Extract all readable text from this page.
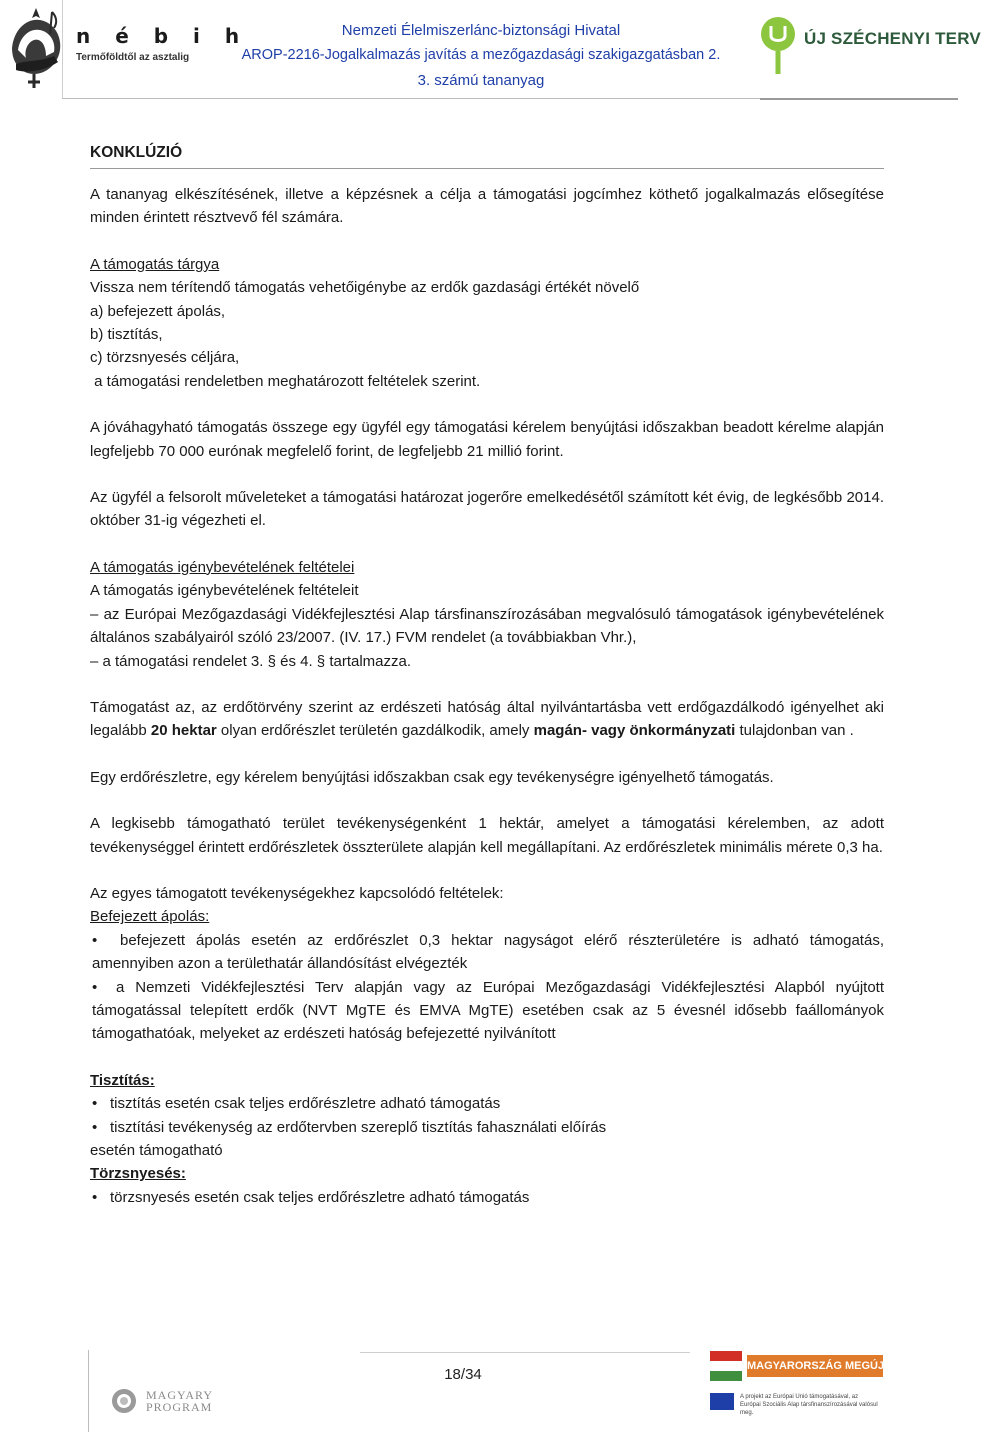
n é b i h
Termőföldtől az asztalig
Nemzeti Élelmiszerlánc-biztonsági Hivatal
AROP-2216-Jogalkalmazás javítás a mezőgazdasági szakigazgatásban 2.
3. számú tananyag
ÚJ SZÉCHENYI TERV

KONKLÚZIÓ

A tananyag elkészítésének, illetve a képzésnek a célja a támogatási jogcímhez köthető jogalkalmazás elősegítése minden érintett résztvevő fél számára.

A támogatás tárgya

Vissza nem térítendő támogatás vehetőigénybe az erdők gazdasági értékét növelő

a) befejezett ápolás,

b) tisztítás,

c) törzsnyesés céljára,

a támogatási rendeletben meghatározott feltételek szerint.

A jóváhagyható támogatás összege egy ügyfél egy támogatási kérelem benyújtási időszakban beadott kérelme alapján legfeljebb 70 000 eurónak megfelelő forint, de legfeljebb 21 millió forint.

Az ügyfél a felsorolt műveleteket a támogatási határozat jogerőre emelkedésétől számított két évig, de legkésőbb 2014. október 31-ig végezheti el.

A támogatás igénybevételének feltételei

A támogatás igénybevételének feltételeit

– az Európai Mezőgazdasági Vidékfejlesztési Alap társfinanszírozásában megvalósuló támogatások igénybevételének általános szabályairól szóló 23/2007. (IV. 17.) FVM rendelet (a továbbiakban Vhr.),

– a támogatási rendelet 3. § és 4. § tartalmazza.

Támogatást az, az erdőtörvény szerint az erdészeti hatóság által nyilvántartásba vett erdőgazdálkodó igényelhet aki legalább 20 hektar olyan erdőrészlet területén gazdálkodik, amely magán- vagy önkormányzati tulajdonban van .

Egy erdőrészletre, egy kérelem benyújtási időszakban csak egy tevékenységre igényelhető támogatás.

A legkisebb támogatható terület tevékenységenként 1 hektár, amelyet a támogatási kérelemben, az adott tevékenységgel érintett erdőrészletek összterülete alapján kell megállapítani. Az erdőrészletek minimális mérete 0,3 ha.

Az egyes támogatott tevékenységekhez kapcsolódó feltételek:

Befejezett ápolás:

•	befejezett ápolás esetén az erdőrészlet 0,3 hektar nagyságot elérő részterületére is adható támogatás, amennyiben azon a területhatár állandósítást elvégezték
•	a Nemzeti Vidékfejlesztési Terv alapján vagy az Európai Mezőgazdasági Vidékfejlesztési Alapból nyújtott támogatással telepített erdők (NVT MgTE és EMVA MgTE) esetében csak az 5 évesnél idősebb faállományok támogathatóak, melyeket az erdészeti hatóság befejezetté nyilvánított

Tisztítás:

• tisztítás esetén csak teljes erdőrészletre adható támogatás
• tisztítási tevékenység az erdőtervben szereplő tisztítás fahasználati előírás

esetén támogatható

Törzsnyesés:

• törzsnyesés esetén csak teljes erdőrészletre adható támogatás
18/34
MAGYARY PROGRAM
MAGYARORSZÁG MEGÚJUL
A projekt az Európai Unió támogatásával, az Európai Szociális Alap társfinanszírozásával valósul meg.
